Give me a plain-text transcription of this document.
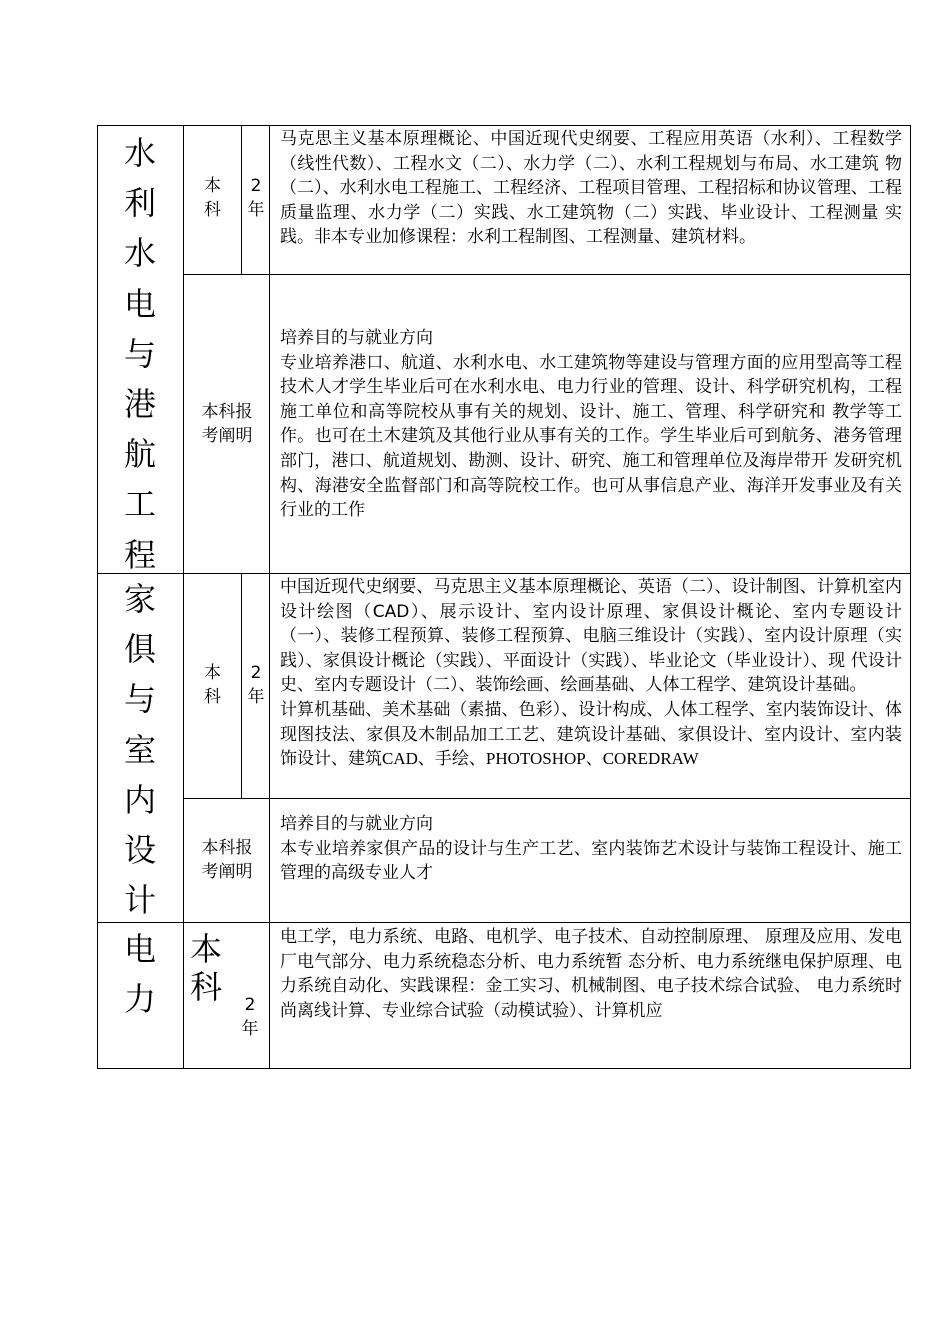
水
利
水
电
与
港
航
工
程
本
科
2
年

马克思主义基本原理概论、中国近现代史纲要、工程应用英语（水利）、工程数学（线性代数）、工程水文（二）、水力学（二）、水利工程规划与布局、水工建筑 物（二）、水利水电工程施工、工程经济、工程项目管理、工程招标和协议管理、工程质量监理、水力学（二）实践、水工建筑物（二）实践、毕业设计、工程测量 实践。非本专业加修课程：水利工程制图、工程测量、建筑材料。

本科报
考阐明

培养目的与就业方向

专业培养港口、航道、水利水电、水工建筑物等建设与管理方面的应用型高等工程技术人才学生毕业后可在水利水电、电力行业的管理、设计、科学研究机构，工程施工单位和高等院校从事有关的规划、设计、施工、管理、科学研究和 教学等工作。也可在土木建筑及其他行业从事有关的工作。学生毕业后可到航务、港务管理部门，港口、航道规划、勘测、设计、研究、施工和管理单位及海岸带开 发研究机构、海港安全监督部门和高等院校工作。也可从事信息产业、海洋开发事业及有关行业的工作

家
俱
与
室
内
设
计
本
科
2
年

中国近现代史纲要、马克思主义基本原理概论、英语（二）、设计制图、计算机室内设计绘图（CAD）、展示设计、室内设计原理、家俱设计概论、室内专题设计 （一）、装修工程预算、装修工程预算、电脑三维设计（实践）、室内设计原理（实践）、家俱设计概论（实践）、平面设计（实践）、毕业论文（毕业设计）、现 代设计史、室内专题设计（二）、装饰绘画、绘画基础、人体工程学、建筑设计基础。

计算机基础、美术基础（素描、色彩）、设计构成、人体工程学、室内装饰设计、体现图技法、家俱及木制品加工工艺、建筑设计基础、家俱设计、室内设计、室内装饰设计、建筑CAD、手绘、PHOTOSHOP、COREDRAW

本科报
考阐明

培养目的与就业方向

本专业培养家俱产品的设计与生产工艺、室内装饰艺术设计与装饰工程设计、施工管理的高级专业人才

电
力
本
科	2
年

电工学，电力系统、电路、电机学、电子技术、自动控制原理、 原理及应用、发电厂电气部分、电力系统稳态分析、电力系统暂 态分析、电力系统继电保护原理、电力系统自动化、实践课程：金工实习、机械制图、电子技术综合试验、 电力系统时尚离线计算、专业综合试验（动模试验）、计算机应
